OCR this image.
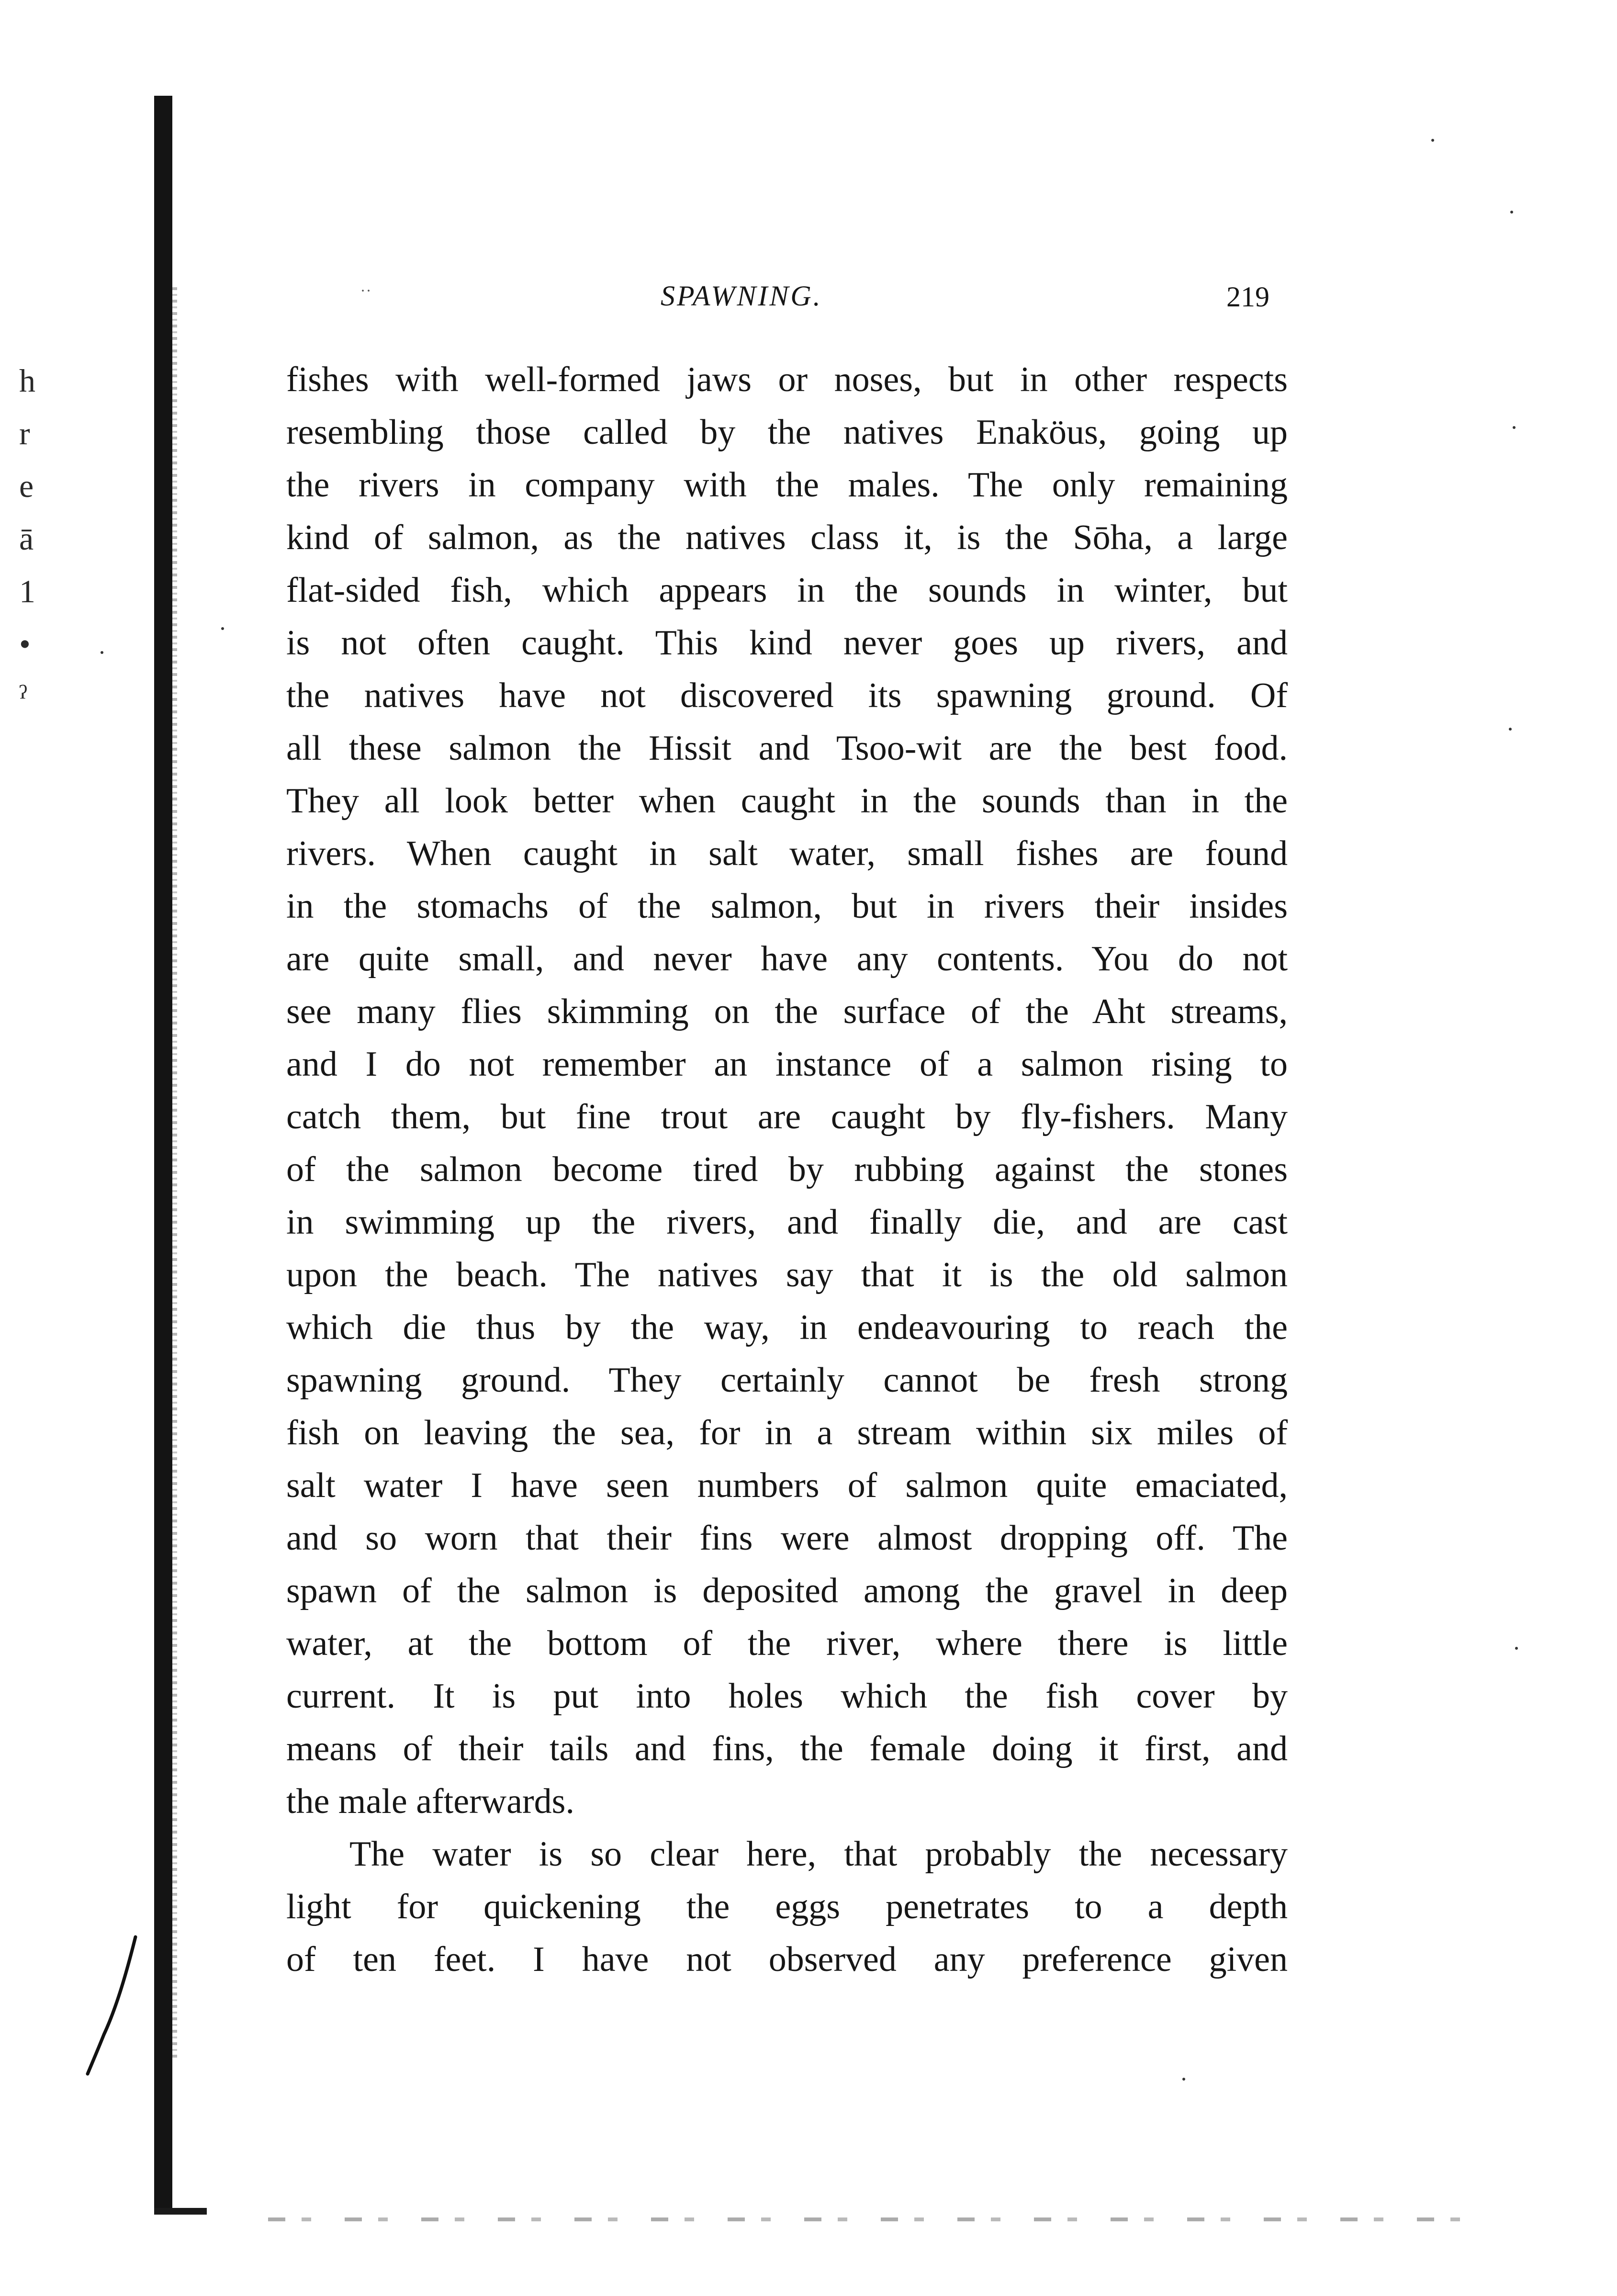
h
r
e
ā
1
•
ˀ
˙˙	SPAWNING.	219
fishes with well-formed jaws or noses, but in other respects
resembling those called by the natives Enaköus, going up
the rivers in company with the males. The only remaining
kind of salmon, as the natives class it, is the Sōha, a large
flat-sided fish, which appears in the sounds in winter, but
is not often caught. This kind never goes up rivers, and
the natives have not discovered its spawning ground. Of
all these salmon the Hissit and Tsoo-wit are the best food.
They all look better when caught in the sounds than in the
rivers. When caught in salt water, small fishes are found
in the stomachs of the salmon, but in rivers their insides
are quite small, and never have any contents. You do not
see many flies skimming on the surface of the Aht streams,
and I do not remember an instance of a salmon rising to
catch them, but fine trout are caught by fly-fishers. Many
of the salmon become tired by rubbing against the stones
in swimming up the rivers, and finally die, and are cast
upon the beach. The natives say that it is the old salmon
which die thus by the way, in endeavouring to reach the
spawning ground. They certainly cannot be fresh strong
fish on leaving the sea, for in a stream within six miles of
salt water I have seen numbers of salmon quite emaciated,
and so worn that their fins were almost dropping off. The
spawn of the salmon is deposited among the gravel in deep
water, at the bottom of the river, where there is little
current. It is put into holes which the fish cover by
means of their tails and fins, the female doing it first, and
the male afterwards.
The water is so clear here, that probably the necessary
light for quickening the eggs penetrates to a depth
of ten feet. I have not observed any preference given
